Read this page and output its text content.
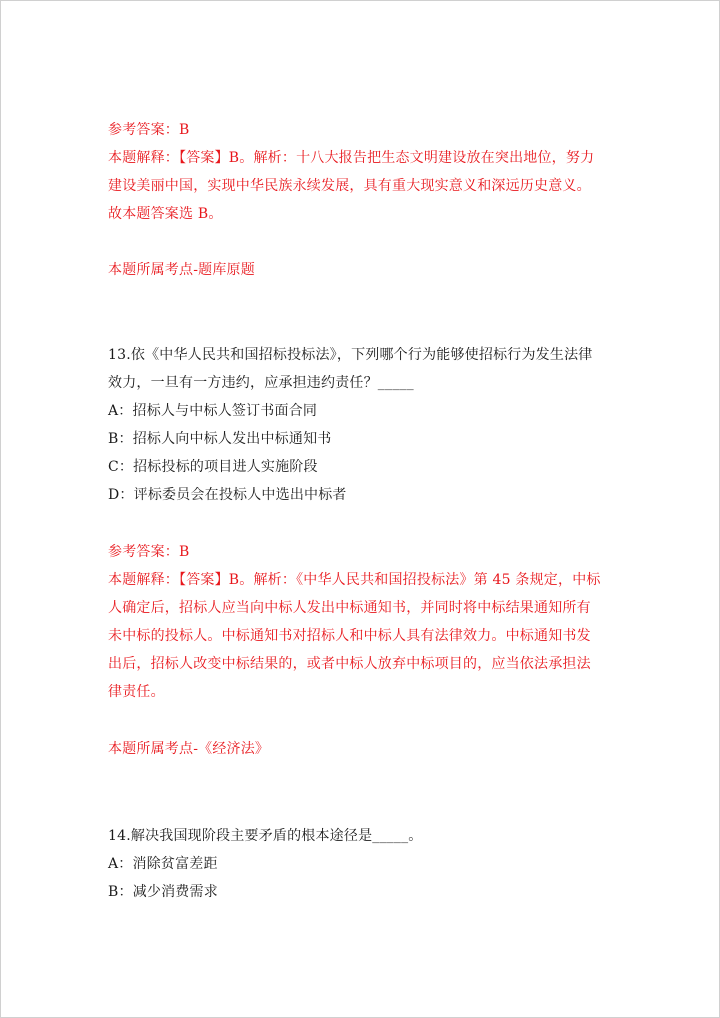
参考答案：B
本题解释：【答案】B。解析：十八大报告把生态文明建设放在突出地位，努力
建设美丽中国，实现中华民族永续发展，具有重大现实意义和深远历史意义。
故本题答案选 B。
本题所属考点-题库原题
13.依《中华人民共和国招标投标法》，下列哪个行为能够使招标行为发生法律
效力，一旦有一方违约，应承担违约责任？_____
A：招标人与中标人签订书面合同
B：招标人向中标人发出中标通知书
C：招标投标的项目进人实施阶段
D：评标委员会在投标人中选出中标者
参考答案：B
本题解释：【答案】B。解析：《中华人民共和国招投标法》第 45 条规定，中标
人确定后，招标人应当向中标人发出中标通知书，并同时将中标结果通知所有
未中标的投标人。中标通知书对招标人和中标人具有法律效力。中标通知书发
出后，招标人改变中标结果的，或者中标人放弃中标项目的，应当依法承担法
律责任。
本题所属考点-《经济法》
14.解决我国现阶段主要矛盾的根本途径是_____。
A：消除贫富差距
B：减少消费需求
